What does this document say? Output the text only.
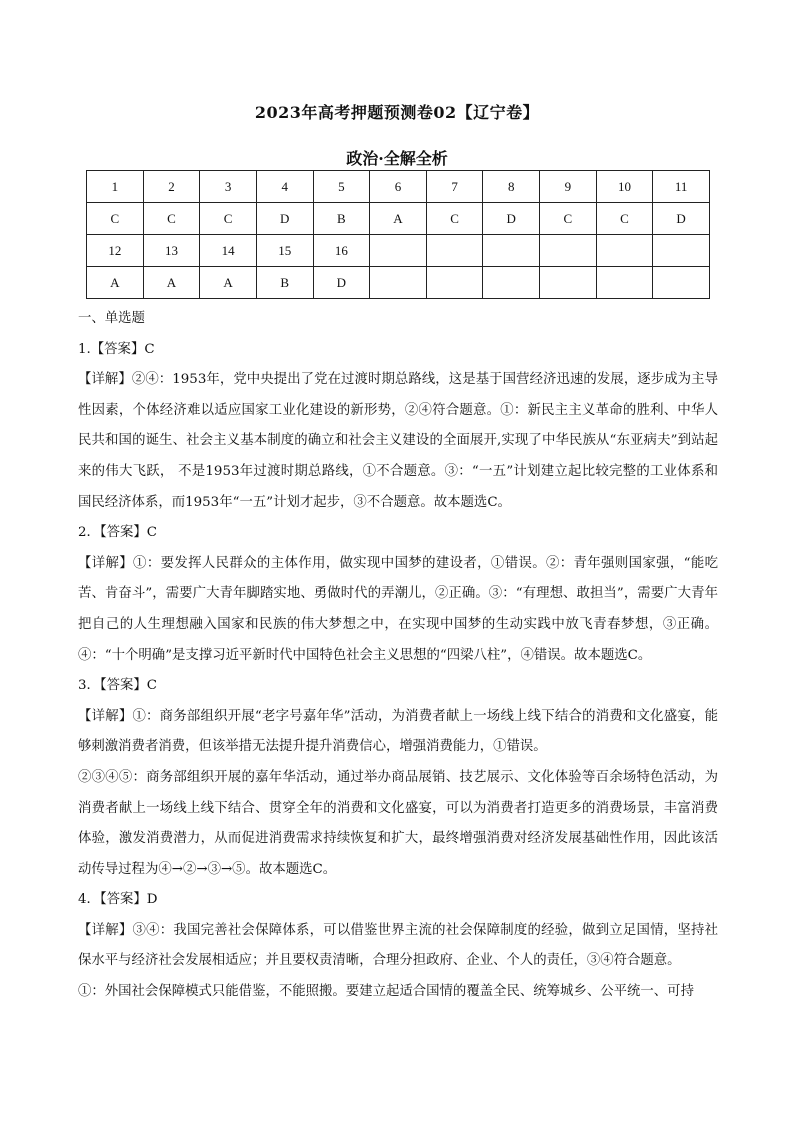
2023年高考押题预测卷02【辽宁卷】
政治·全解全析
1	2	3	4	5	6	7	8	9	10	11
C	C	C	D	B	A	C	D	C	C	D
12	13	14	15	16						
A	A	A	B	D						

一、单选题

1.【答案】C

【详解】②④：1953年，党中央提出了党在过渡时期总路线，这是基于国营经济迅速的发展，逐步成为主导性因素，个体经济难以适应国家工业化建设的新形势，②④符合题意。①：新民主主义革命的胜利、中华人民共和国的诞生、社会主义基本制度的确立和社会主义建设的全面展开,实现了中华民族从“东亚病夫”到站起来的伟大飞跃， 不是1953年过渡时期总路线，①不合题意。③：“一五”计划建立起比较完整的工业体系和国民经济体系，而1953年“一五”计划才起步，③不合题意。故本题选C。

2．【答案】C

【详解】①：要发挥人民群众的主体作用，做实现中国梦的建设者，①错误。②：青年强则国家强，“能吃苦、肯奋斗”，需要广大青年脚踏实地、勇做时代的弄潮儿，②正确。③：“有理想、敢担当”，需要广大青年把自己的人生理想融入国家和民族的伟大梦想之中，在实现中国梦的生动实践中放飞青春梦想，③正确。④：“十个明确”是支撑习近平新时代中国特色社会主义思想的“四梁八柱”，④错误。故本题选C。

3．【答案】C

【详解】①：商务部组织开展“老字号嘉年华”活动，为消费者献上一场线上线下结合的消费和文化盛宴，能够刺激消费者消费，但该举措无法提升提升消费信心，增强消费能力，①错误。

②③④⑤：商务部组织开展的嘉年华活动，通过举办商品展销、技艺展示、文化体验等百余场特色活动，为消费者献上一场线上线下结合、贯穿全年的消费和文化盛宴，可以为消费者打造更多的消费场景，丰富消费体验，激发消费潜力，从而促进消费需求持续恢复和扩大，最终增强消费对经济发展基础性作用，因此该活动传导过程为④→②→③→⑤。故本题选C。

4．【答案】D

【详解】③④：我国完善社会保障体系，可以借鉴世界主流的社会保障制度的经验，做到立足国情，坚持社保水平与经济社会发展相适应；并且要权责清晰，合理分担政府、企业、个人的责任，③④符合题意。

①：外国社会保障模式只能借鉴，不能照搬。要建立起适合国情的覆盖全民、统筹城乡、公平统一、可持
